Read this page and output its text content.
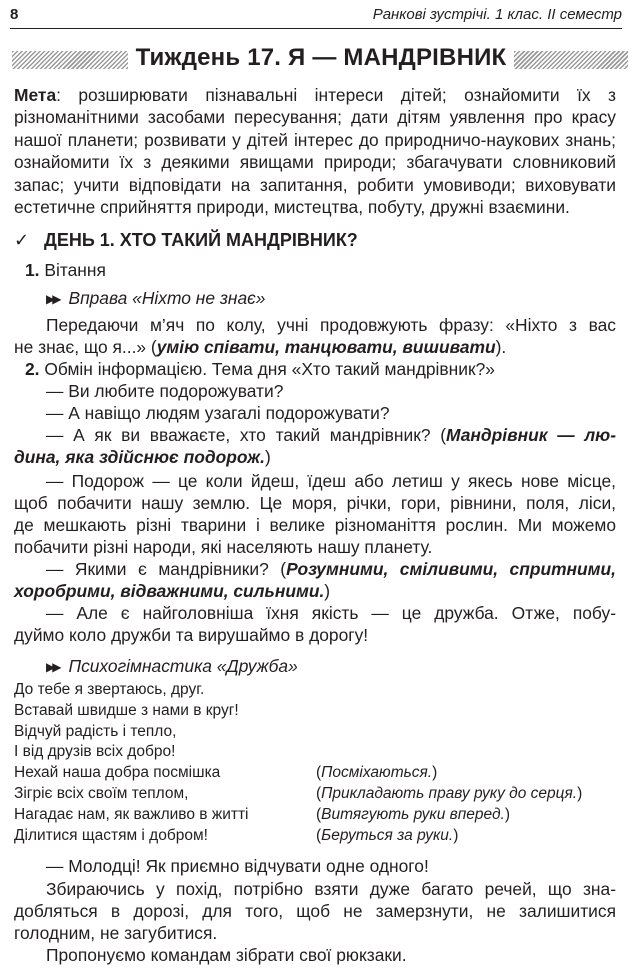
8	Ранкові зустрічі. 1 клас. ІІ семестр
Тиждень 17. Я — МАНДРІВНИК
Мета: розширювати пізнавальні інтереси дітей; ознайомити їх з різноманітними засобами пересування; дати дітям уявлення про красу нашої планети; розвивати у дітей інтерес до природничо-наукових знань; ознайомити їх з деякими явищами природи; збагачувати словниковий запас; учити відповідати на запитання, робити умовиводи; виховувати естетичне сприйняття природи, мистецтва, побуту, дружні взаємини.
✓ ДЕНЬ 1. ХТО ТАКИЙ МАНДРІВНИК?
1. Вітання
▶▶ Вправа «Ніхто не знає»
Передаючи м’яч по колу, учні продовжують фразу: «Ніхто з вас
не знає, що я...» (умію співати, танцювати, вишивати).
2. Обмін інформацією. Тема дня «Хто такий мандрівник?»
— Ви любите подорожувати?
— А навіщо людям узагалі подорожувати?
— А як ви вважаєте, хто такий мандрівник? (Мандрівник — лю-
дина, яка здійснює подорож.)
— Подорож — це коли йдеш, їдеш або летиш у якесь нове місце,
щоб побачити нашу землю. Це моря, річки, гори, рівнини, поля, ліси,
де мешкають різні тварини і велике різноманіття рослин. Ми можемо
побачити різні народи, які населяють нашу планету.
— Якими є мандрівники? (Розумними, сміливими, спритними,
хоробрими, відважними, сильними.)
— Але є найголовніша їхня якість — це дружба. Отже, побу-
дуймо коло дружби та вирушаймо в дорогу!
▶▶ Психогімнастика «Дружба»
До тебе я звертаюсь, друг.
Вставай швидше з нами в круг!
Відчуй радість і тепло,
І від друзів всіх добро!
Нехай наша добра посмішка	(Посміхаються.)
Зігріє всіх своїм теплом,	(Прикладають праву руку до серця.)
Нагадає нам, як важливо в житті	(Витягують руки вперед.)
Ділитися щастям і добром!	(Беруться за руки.)
— Молодці! Як приємно відчувати одне одного!
Збираючись у похід, потрібно взяти дуже багато речей, що зна-
добляться в дорозі, для того, щоб не замерзнути, не залишитися
голодним, не загубитися.
Пропонуємо командам зібрати свої рюкзаки.
